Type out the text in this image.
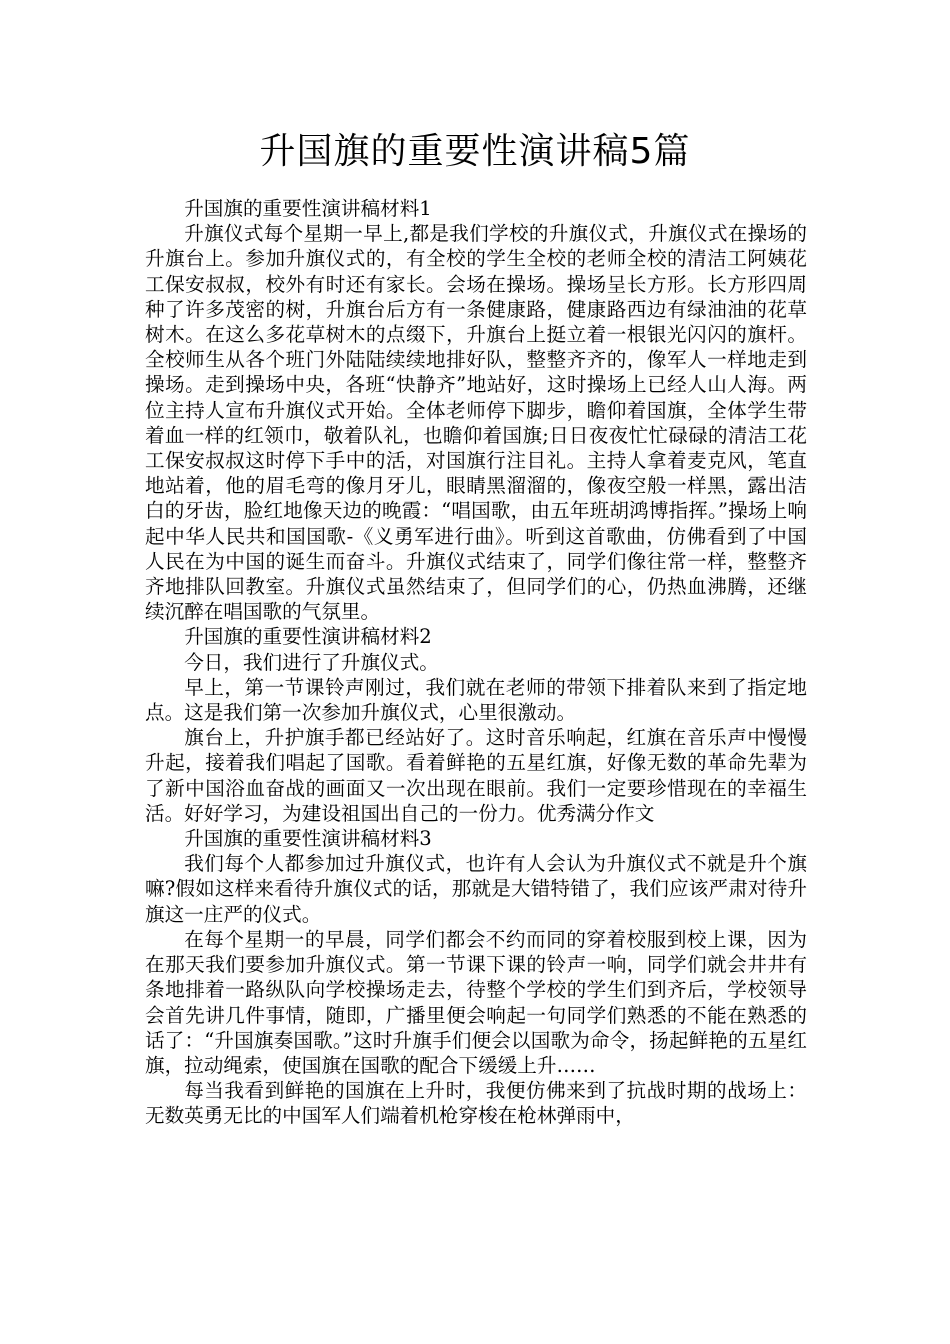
升国旗的重要性演讲稿5篇

升国旗的重要性演讲稿材料1

升旗仪式每个星期一早上,都是我们学校的升旗仪式，升旗仪式在操场的升旗台上。参加升旗仪式的，有全校的学生全校的老师全校的清洁工阿姨花工保安叔叔，校外有时还有家长。会场在操场。操场呈长方形。长方形四周种了许多茂密的树，升旗台后方有一条健康路，健康路西边有绿油油的花草树木。在这么多花草树木的点缀下，升旗台上挺立着一根银光闪闪的旗杆。全校师生从各个班门外陆陆续续地排好队，整整齐齐的，像军人一样地走到操场。走到操场中央，各班“快静齐”地站好，这时操场上已经人山人海。两位主持人宣布升旗仪式开始。全体老师停下脚步，瞻仰着国旗，全体学生带着血一样的红领巾，敬着队礼，也瞻仰着国旗;日日夜夜忙忙碌碌的清洁工花工保安叔叔这时停下手中的活，对国旗行注目礼。主持人拿着麦克风，笔直地站着，他的眉毛弯的像月牙儿，眼睛黑溜溜的，像夜空般一样黑，露出洁白的牙齿，脸红地像天边的晚霞：“唱国歌，由五年班胡鸿博指挥。”操场上响起中华人民共和国国歌-《义勇军进行曲》。听到这首歌曲，仿佛看到了中国人民在为中国的诞生而奋斗。升旗仪式结束了，同学们像往常一样，整整齐齐地排队回教室。升旗仪式虽然结束了，但同学们的心，仍热血沸腾，还继续沉醉在唱国歌的气氛里。

升国旗的重要性演讲稿材料2

今日，我们进行了升旗仪式。

早上，第一节课铃声刚过，我们就在老师的带领下排着队来到了指定地点。这是我们第一次参加升旗仪式，心里很激动。

旗台上，升护旗手都已经站好了。这时音乐响起，红旗在音乐声中慢慢升起，接着我们唱起了国歌。看着鲜艳的五星红旗，好像无数的革命先辈为了新中国浴血奋战的画面又一次出现在眼前。我们一定要珍惜现在的幸福生活。好好学习，为建设祖国出自己的一份力。优秀满分作文

升国旗的重要性演讲稿材料3

我们每个人都参加过升旗仪式，也许有人会认为升旗仪式不就是升个旗嘛?假如这样来看待升旗仪式的话，那就是大错特错了，我们应该严肃对待升旗这一庄严的仪式。

在每个星期一的早晨，同学们都会不约而同的穿着校服到校上课，因为在那天我们要参加升旗仪式。第一节课下课的铃声一响，同学们就会井井有条地排着一路纵队向学校操场走去，待整个学校的学生们到齐后，学校领导会首先讲几件事情，随即，广播里便会响起一句同学们熟悉的不能在熟悉的话了：“升国旗奏国歌。”这时升旗手们便会以国歌为命令，扬起鲜艳的五星红旗，拉动绳索，使国旗在国歌的配合下缓缓上升……

每当我看到鲜艳的国旗在上升时，我便仿佛来到了抗战时期的战场上：无数英勇无比的中国军人们端着机枪穿梭在枪林弹雨中，
